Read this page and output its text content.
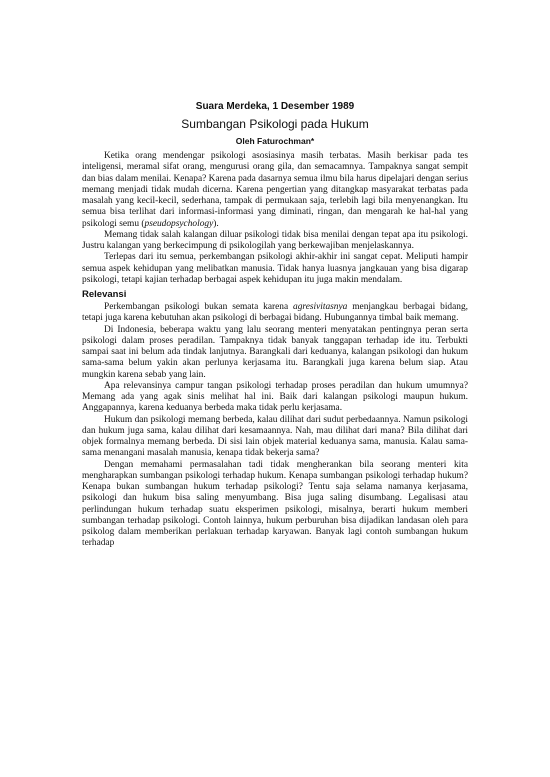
Suara Merdeka, 1 Desember 1989
Sumbangan Psikologi pada Hukum
Oleh Faturochman*

Ketika orang mendengar psikologi asosiasinya masih terbatas. Masih berkisar pada tes inteligensi, meramal sifat orang, mengurusi orang gila, dan semacamnya. Tampaknya sangat sempit dan bias dalam menilai. Kenapa? Karena pada dasarnya semua ilmu bila harus dipelajari dengan serius memang menjadi tidak mudah dicerna. Karena pengertian yang ditangkap masyarakat terbatas pada masalah yang kecil-kecil, sederhana, tampak di permukaan saja, terlebih lagi bila menyenangkan. Itu semua bisa terlihat dari informasi-informasi yang diminati, ringan, dan mengarah ke hal-hal yang psikologi semu (pseudopsychology).

Memang tidak salah kalangan diluar psikologi tidak bisa menilai dengan tepat apa itu psikologi. Justru kalangan yang berkecimpung di psikologilah yang berkewajiban menjelaskannya.

Terlepas dari itu semua, perkembangan psikologi akhir-akhir ini sangat cepat. Meliputi hampir semua aspek kehidupan yang melibatkan manusia. Tidak hanya luasnya jangkauan yang bisa digarap psikologi, tetapi kajian terhadap berbagai aspek kehidupan itu juga makin mendalam.

Relevansi

Perkembangan psikologi bukan semata karena agresivitasnya menjangkau berbagai bidang, tetapi juga karena kebutuhan akan psikologi di berbagai bidang. Hubungannya timbal baik memang.

Di Indonesia, beberapa waktu yang lalu seorang menteri menyatakan pentingnya peran serta psikologi dalam proses peradilan. Tampaknya tidak banyak tanggapan terhadap ide itu. Terbukti sampai saat ini belum ada tindak lanjutnya. Barangkali dari keduanya, kalangan psikologi dan hukum sama-sama belum yakin akan perlunya kerjasama itu. Barangkali juga karena belum siap. Atau mungkin karena sebab yang lain.

Apa relevansinya campur tangan psikologi terhadap proses peradilan dan hukum umumnya? Memang ada yang agak sinis melihat hal ini. Baik dari kalangan psikologi maupun hukum. Anggapannya, karena keduanya berbeda maka tidak perlu kerjasama.

Hukum dan psikologi memang berbeda, kalau dilihat dari sudut perbedaannya. Namun psikologi dan hukum juga sama, kalau dilihat dari kesamaannya. Nah, mau dilihat dari mana? Bila dilihat dari objek formalnya memang berbeda. Di sisi lain objek material keduanya sama, manusia. Kalau sama-sama menangani masalah manusia, kenapa tidak bekerja sama?

Dengan memahami permasalahan tadi tidak mengherankan bila seorang menteri kita mengharapkan sumbangan psikologi terhadap hukum. Kenapa sumbangan psikologi terhadap hukum? Kenapa bukan sumbangan hukum terhadap psikologi? Tentu saja selama namanya kerjasama, psikologi dan hukum bisa saling menyumbang. Bisa juga saling disumbang. Legalisasi atau perlindungan hukum terhadap suatu eksperimen psikologi, misalnya, berarti hukum memberi sumbangan terhadap psikologi. Contoh lainnya, hukum perburuhan bisa dijadikan landasan oleh para psikolog dalam memberikan perlakuan terhadap karyawan. Banyak lagi contoh sumbangan hukum terhadap
